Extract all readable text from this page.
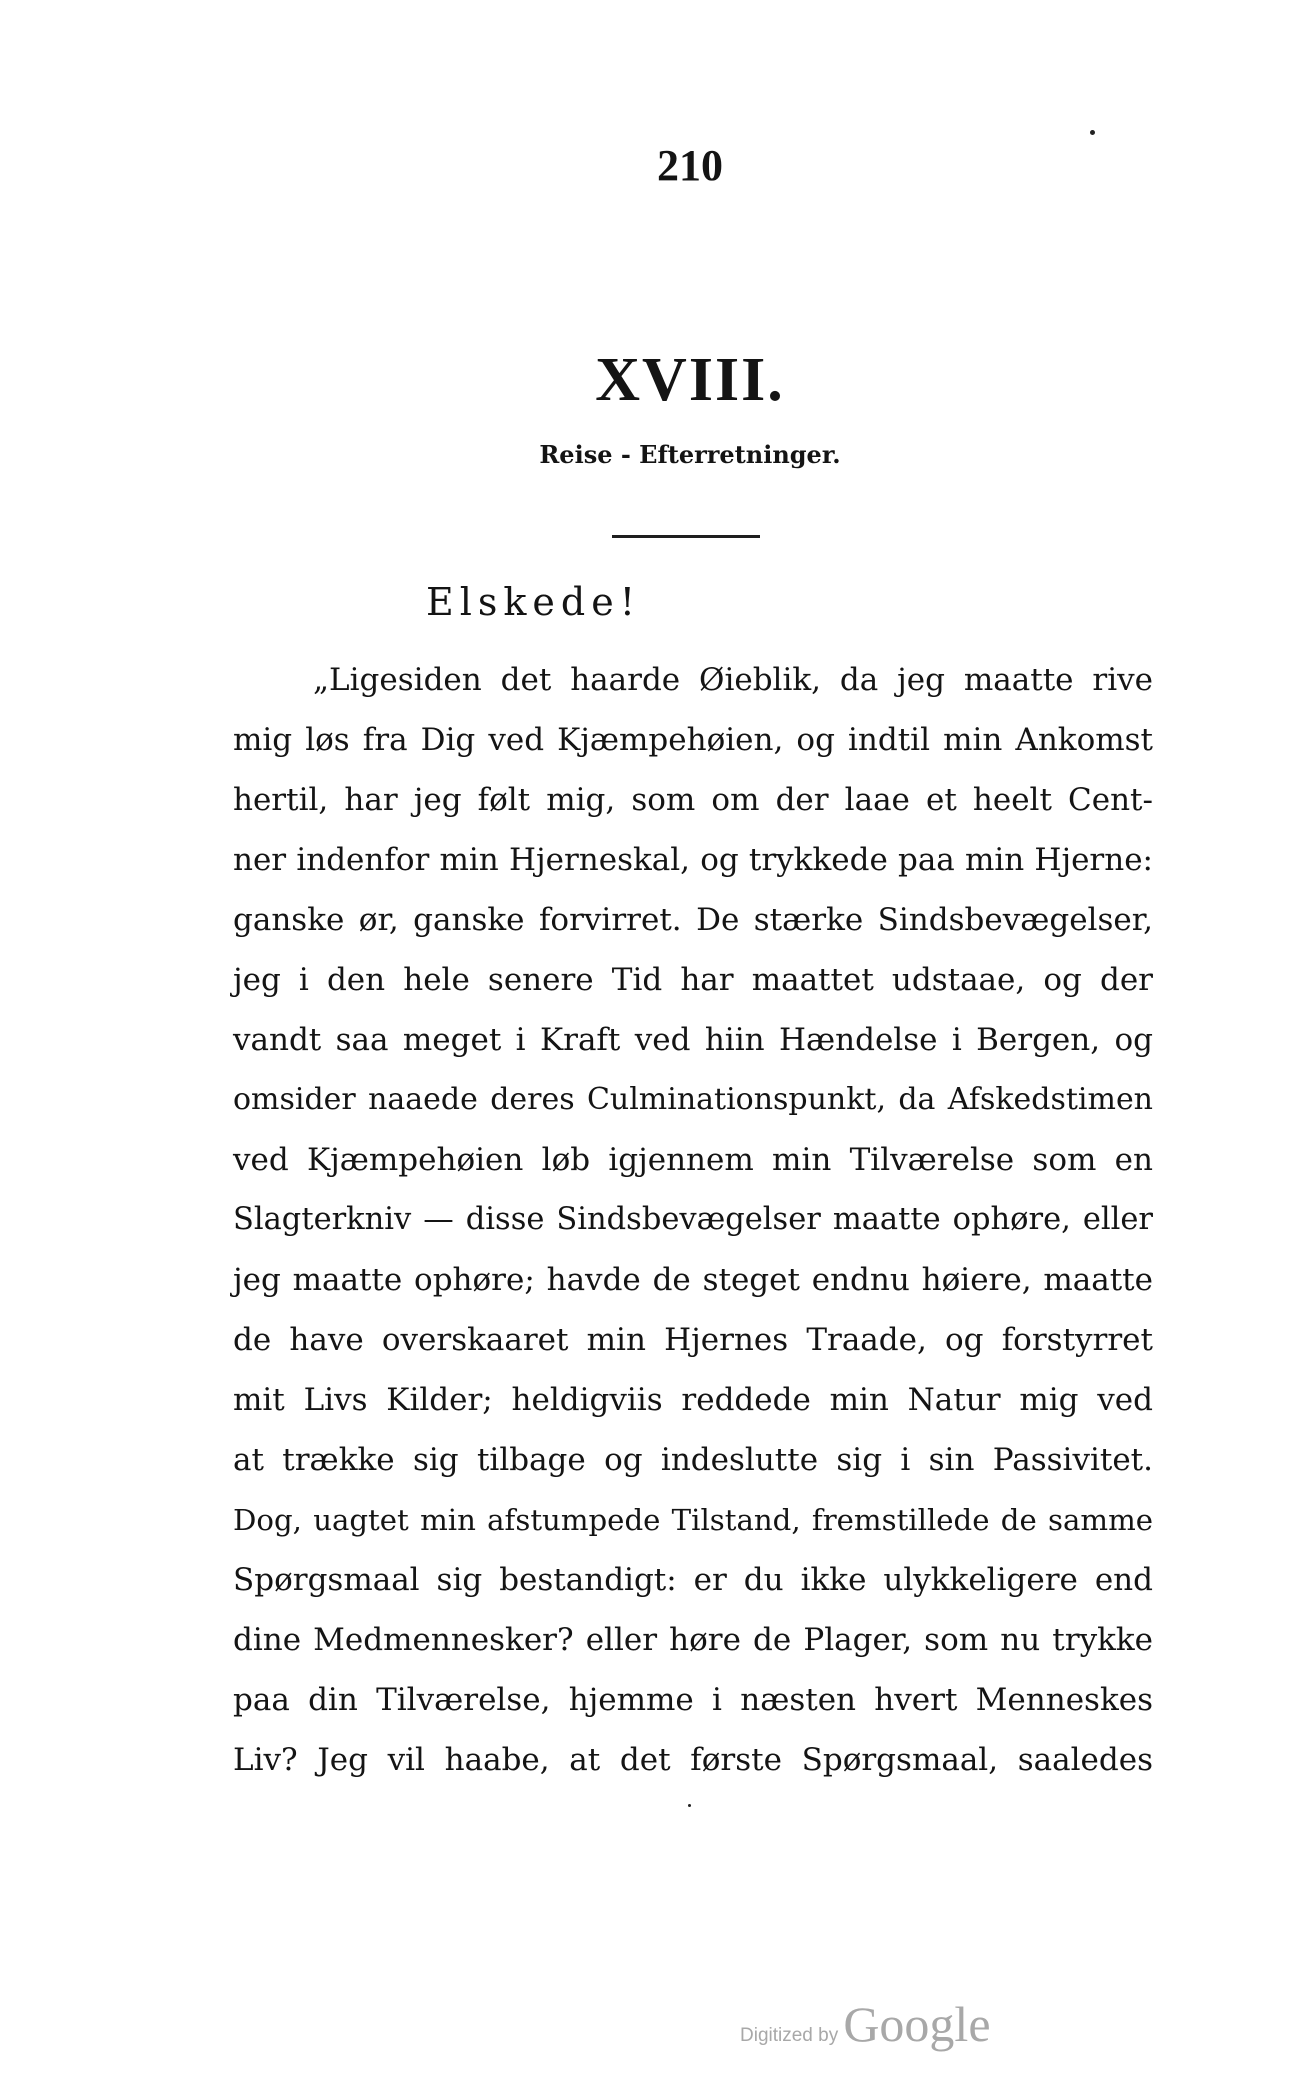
210
XVIII.
Reise - Efterretninger.
Elskede!
„Ligesiden det haarde Øieblik, da jeg maatte rive
mig løs fra Dig ved Kjæmpehøien, og indtil min Ankomst
hertil, har jeg følt mig, som om der laae et heelt Cent-
ner indenfor min Hjerneskal, og trykkede paa min Hjerne:
ganske ør, ganske forvirret. De stærke Sindsbevægelser,
jeg i den hele senere Tid har maattet udstaae, og der
vandt saa meget i Kraft ved hiin Hændelse i Bergen, og
omsider naaede deres Culminationspunkt, da Afskedstimen
ved Kjæmpehøien løb igjennem min Tilværelse som en
Slagterkniv — disse Sindsbevægelser maatte ophøre, eller
jeg maatte ophøre; havde de steget endnu høiere, maatte
de have overskaaret min Hjernes Traade, og forstyrret
mit Livs Kilder; heldigviis reddede min Natur mig ved
at trække sig tilbage og indeslutte sig i sin Passivitet.
Dog, uagtet min afstumpede Tilstand, fremstillede de samme
Spørgsmaal sig bestandigt: er du ikke ulykkeligere end
dine Medmennesker? eller høre de Plager, som nu trykke
paa din Tilværelse, hjemme i næsten hvert Menneskes
Liv? Jeg vil haabe, at det første Spørgsmaal, saaledes
Digitized by Google
